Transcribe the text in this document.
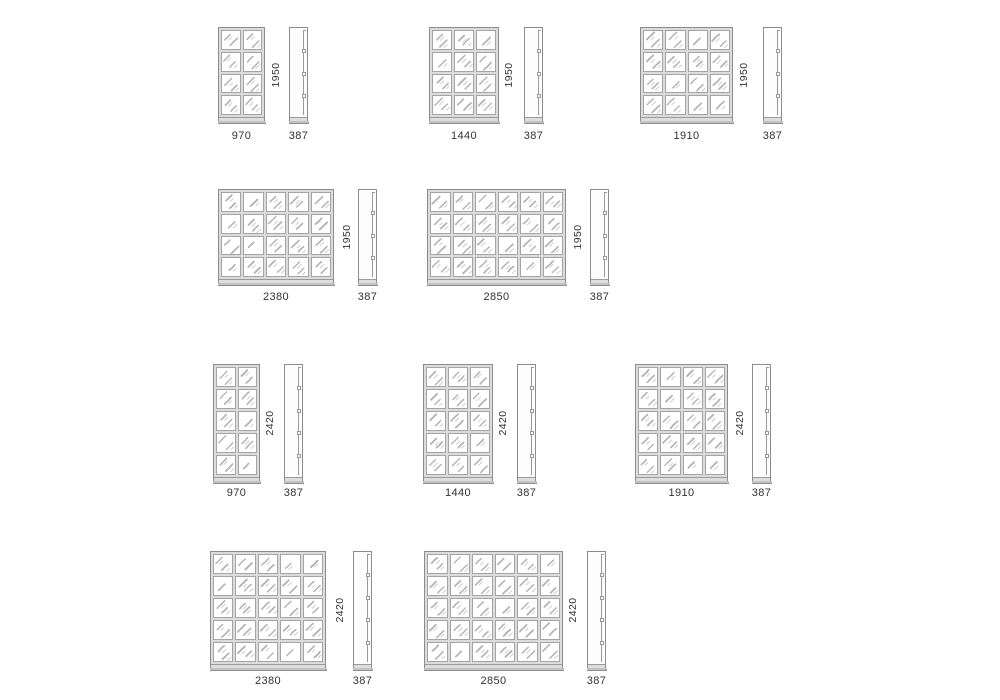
1950
970	387
1950
1440	387
1950
1910	387
1950
2380	387
1950
2850	387
2420
970	387
2420
1440	387
2420
1910	387
2420
2380	387
2420
2850	387
